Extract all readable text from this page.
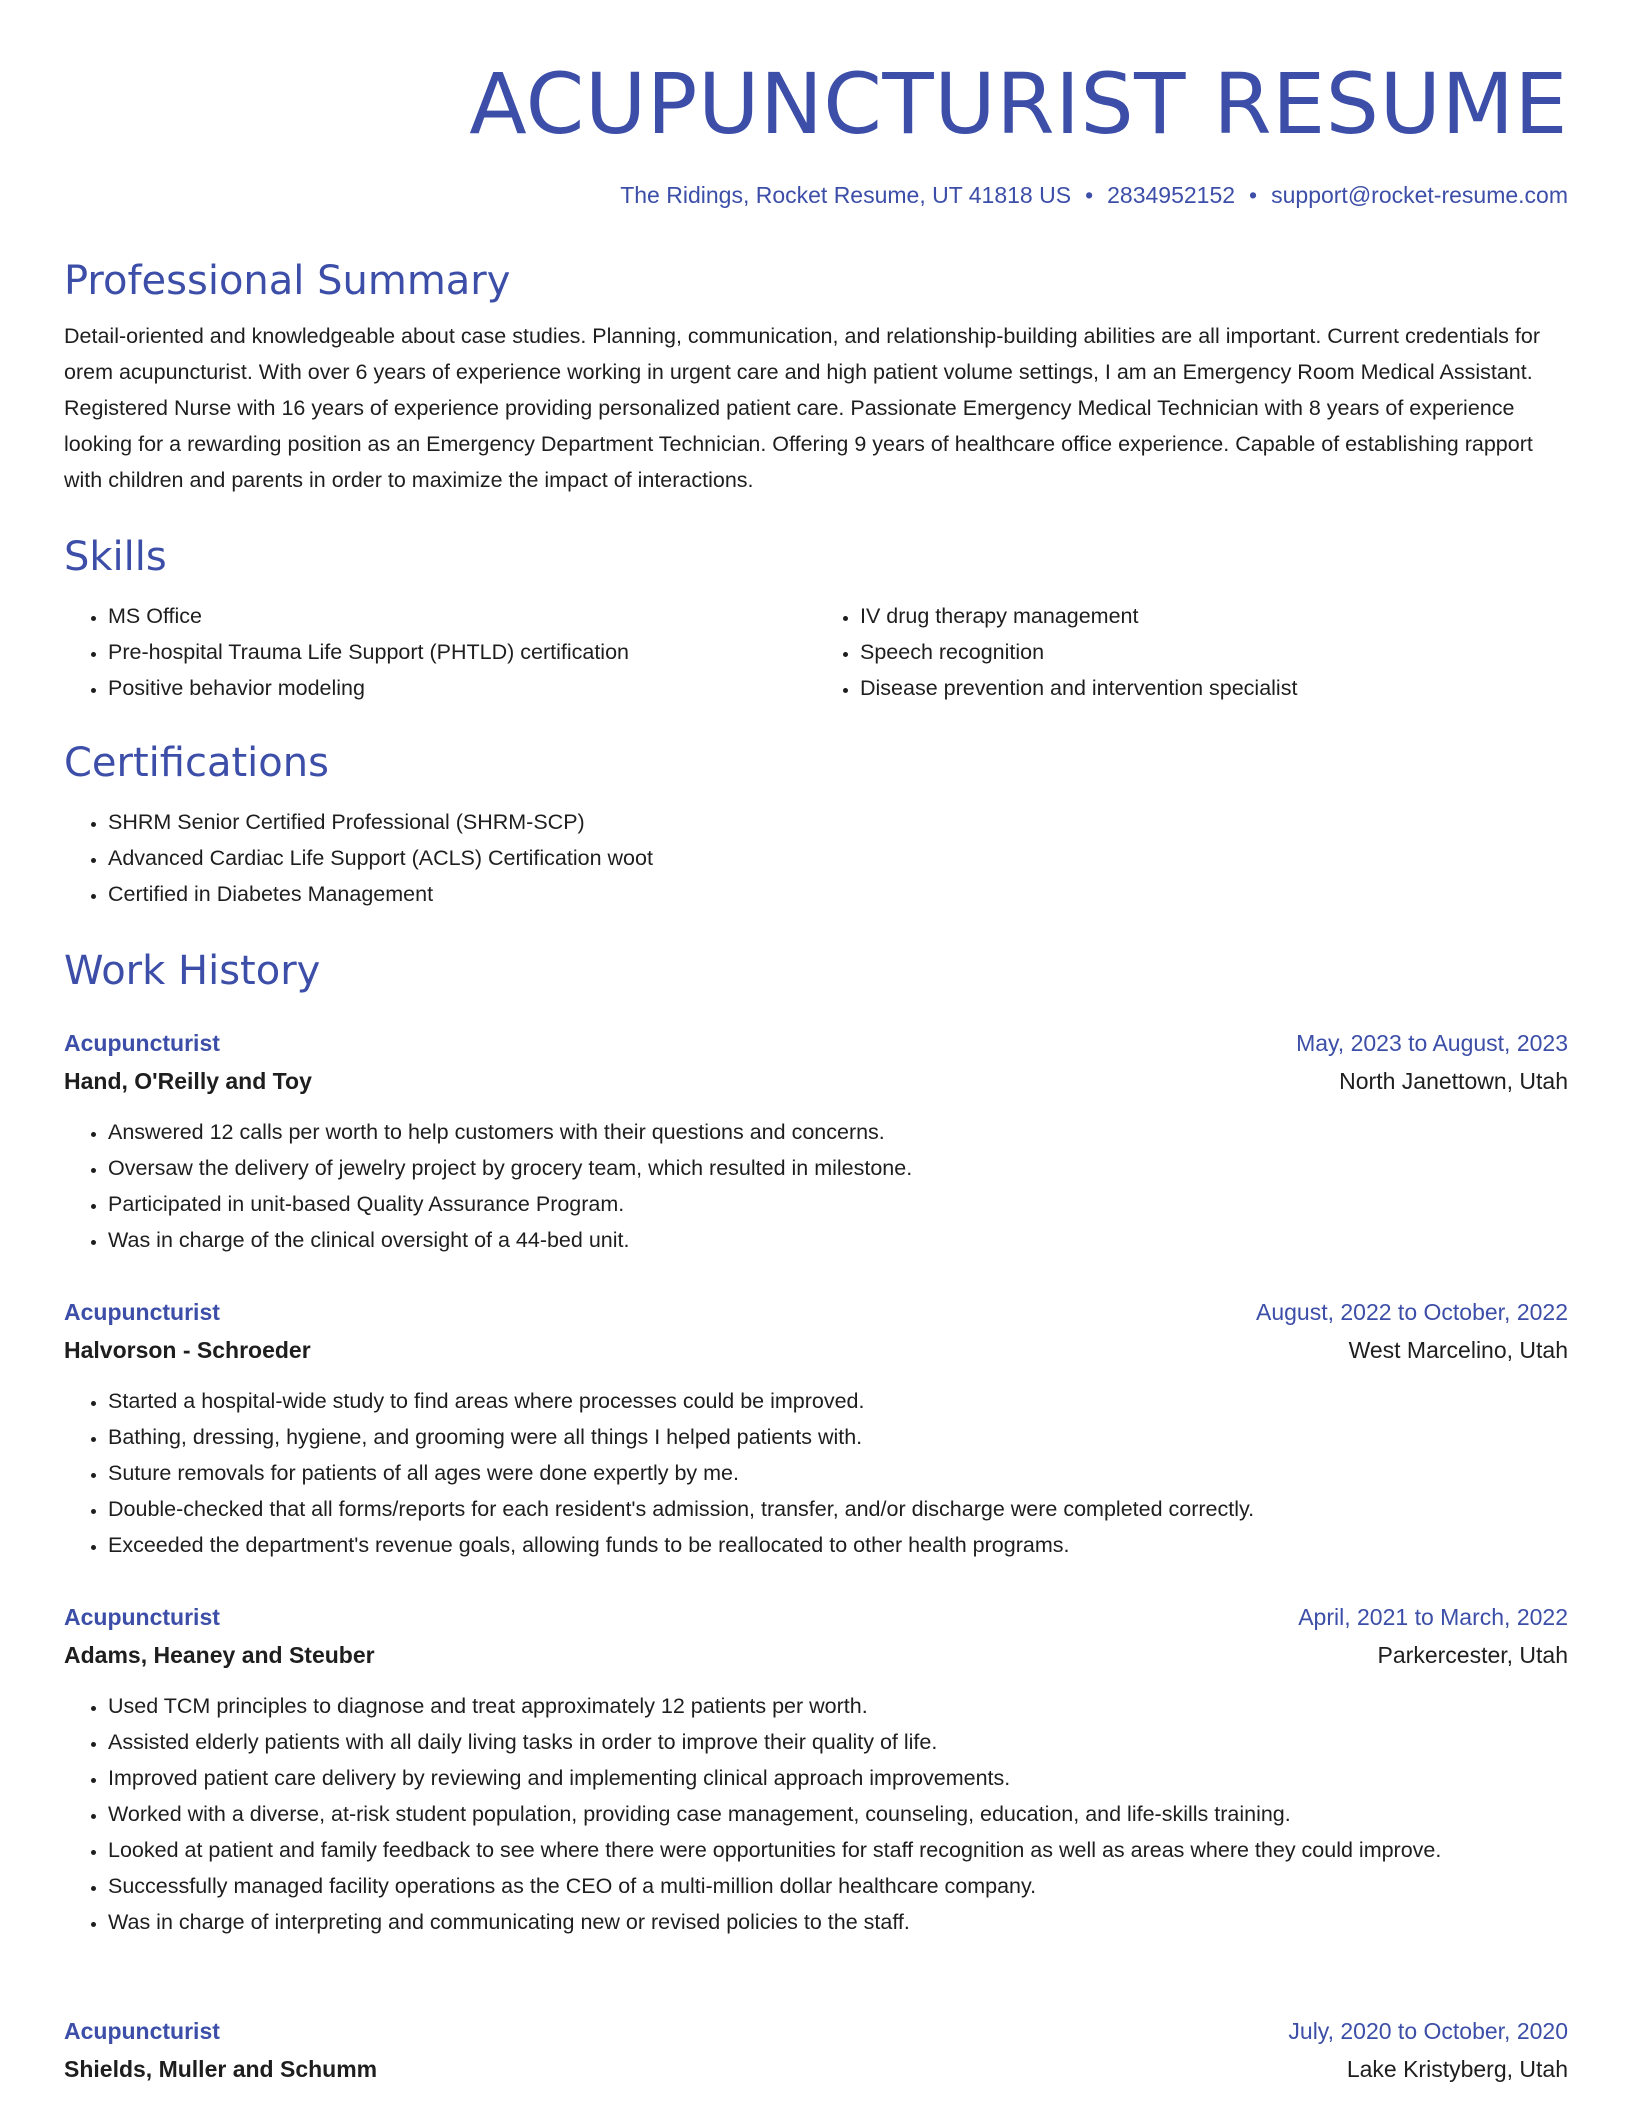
ACUPUNCTURIST RESUME
The Ridings, Rocket Resume, UT 41818 US • 2834952152 • support@rocket-resume.com
Professional Summary

Detail-oriented and knowledgeable about case studies. Planning, communication, and relationship-building abilities are all important. Current credentials for orem acupuncturist. With over 6 years of experience working in urgent care and high patient volume settings, I am an Emergency Room Medical Assistant. Registered Nurse with 16 years of experience providing personalized patient care. Passionate Emergency Medical Technician with 8 years of experience looking for a rewarding position as an Emergency Department Technician. Offering 9 years of healthcare office experience. Capable of establishing rapport with children and parents in order to maximize the impact of interactions.

Skills
• MS Office
• Pre-hospital Trauma Life Support (PHTLD) certification
• Positive behavior modeling
• IV drug therapy management
• Speech recognition
• Disease prevention and intervention specialist
Certifications
• SHRM Senior Certified Professional (SHRM-SCP)
• Advanced Cardiac Life Support (ACLS) Certification woot
• Certified in Diabetes Management
Work History
Acupuncturist	May, 2023 to August, 2023
Hand, O'Reilly and Toy	North Janettown, Utah
• Answered 12 calls per worth to help customers with their questions and concerns.
• Oversaw the delivery of jewelry project by grocery team, which resulted in milestone.
• Participated in unit-based Quality Assurance Program.
• Was in charge of the clinical oversight of a 44-bed unit.
Acupuncturist	August, 2022 to October, 2022
Halvorson - Schroeder	West Marcelino, Utah
• Started a hospital-wide study to find areas where processes could be improved.
• Bathing, dressing, hygiene, and grooming were all things I helped patients with.
• Suture removals for patients of all ages were done expertly by me.
• Double-checked that all forms/reports for each resident's admission, transfer, and/or discharge were completed correctly.
• Exceeded the department's revenue goals, allowing funds to be reallocated to other health programs.
Acupuncturist	April, 2021 to March, 2022
Adams, Heaney and Steuber	Parkercester, Utah
• Used TCM principles to diagnose and treat approximately 12 patients per worth.
• Assisted elderly patients with all daily living tasks in order to improve their quality of life.
• Improved patient care delivery by reviewing and implementing clinical approach improvements.
• Worked with a diverse, at-risk student population, providing case management, counseling, education, and life-skills training.
• Looked at patient and family feedback to see where there were opportunities for staff recognition as well as areas where they could improve.
• Successfully managed facility operations as the CEO of a multi-million dollar healthcare company.
• Was in charge of interpreting and communicating new or revised policies to the staff.
Acupuncturist	July, 2020 to October, 2020
Shields, Muller and Schumm	Lake Kristyberg, Utah
